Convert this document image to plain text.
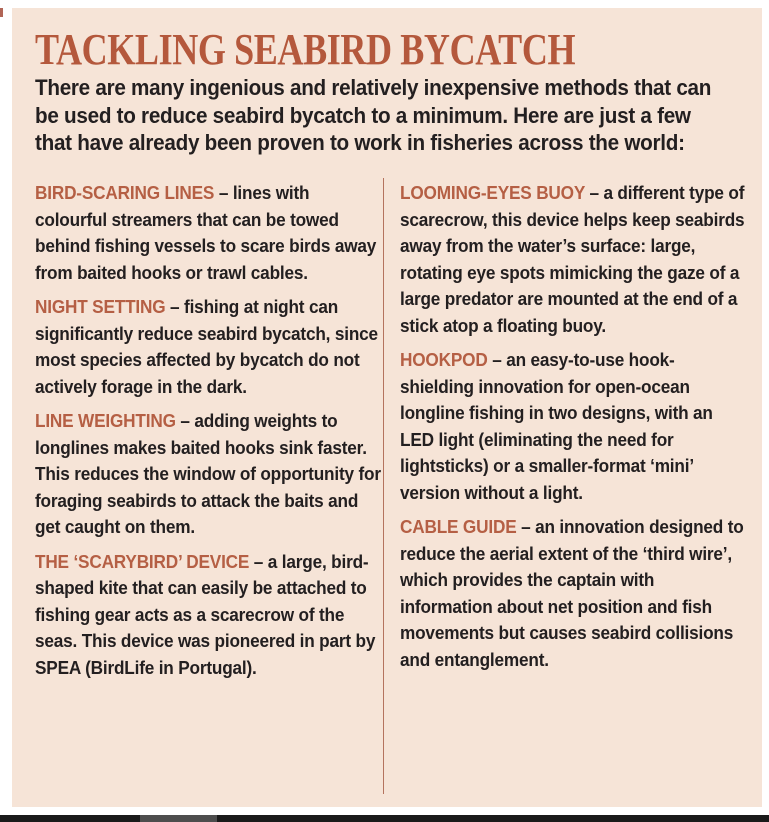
TACKLING SEABIRD BYCATCH
There are many ingenious and relatively inexpensive methods that can
be used to reduce seabird bycatch to a minimum. Here are just a few
that have already been proven to work in fisheries across the world:

BIRD-SCARING LINES – lines with colourful streamers that can be towed behind fishing vessels to scare birds away from baited hooks or trawl cables.

NIGHT SETTING – fishing at night can significantly reduce seabird bycatch, since most species affected by bycatch do not actively forage in the dark.

LINE WEIGHTING – adding weights to longlines makes baited hooks sink faster. This reduces the window of opportunity for foraging seabirds to attack the baits and get caught on them.

THE ‘SCARYBIRD’ DEVICE – a large, bird-shaped kite that can easily be attached to fishing gear acts as a scarecrow of the seas. This device was pioneered in part by SPEA (BirdLife in Portugal).

LOOMING-EYES BUOY – a different type of scarecrow, this device helps keep seabirds away from the water’s surface: large, rotating eye spots mimicking the gaze of a large predator are mounted at the end of a stick atop a floating buoy.

HOOKPOD – an easy-to-use hook-shielding innovation for open-ocean longline fishing in two designs, with an LED light (eliminating the need for lightsticks) or a smaller-format ‘mini’ version without a light.

CABLE GUIDE – an innovation designed to reduce the aerial extent of the ‘third wire’, which provides the captain with information about net position and fish movements but causes seabird collisions and entanglement.
